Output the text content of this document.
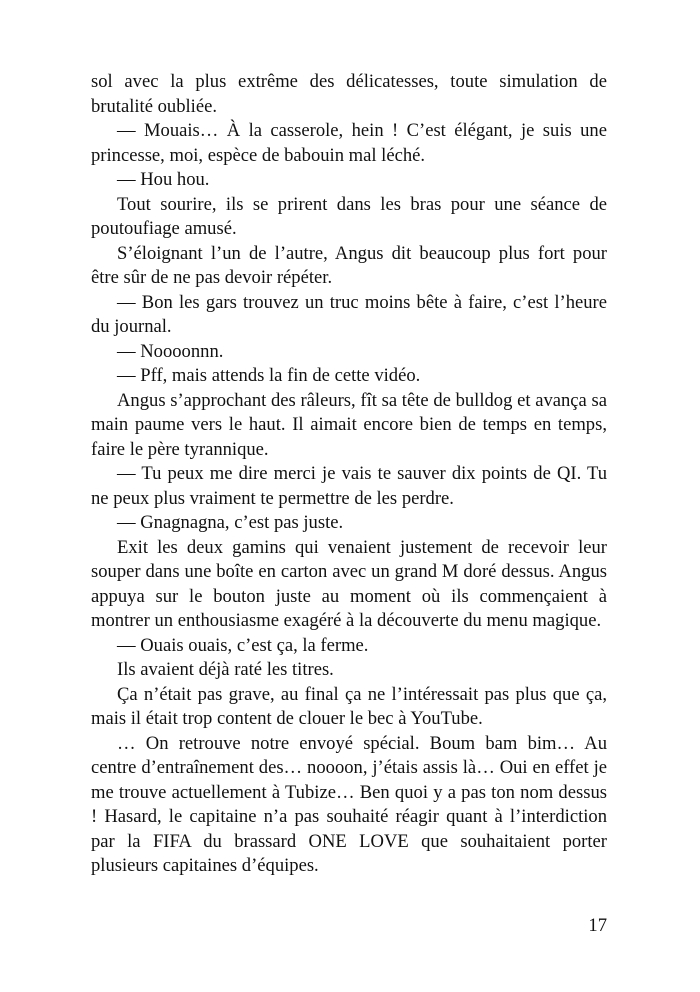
sol avec la plus extrême des délicatesses, toute simulation de brutalité oubliée.

— Mouais… À la casserole, hein ! C’est élégant, je suis une princesse, moi, espèce de babouin mal léché.

— Hou hou.

Tout sourire, ils se prirent dans les bras pour une séance de poutoufiage amusé.

S’éloignant l’un de l’autre, Angus dit beaucoup plus fort pour être sûr de ne pas devoir répéter.

— Bon les gars trouvez un truc moins bête à faire, c’est l’heure du journal.

— Noooonnn.

— Pff, mais attends la fin de cette vidéo.

Angus s’approchant des râleurs, fît sa tête de bulldog et avança sa main paume vers le haut. Il aimait encore bien de temps en temps, faire le père tyrannique.

— Tu peux me dire merci je vais te sauver dix points de QI. Tu ne peux plus vraiment te permettre de les perdre.

— Gnagnagna, c’est pas juste.

Exit les deux gamins qui venaient justement de recevoir leur souper dans une boîte en carton avec un grand M doré dessus. Angus appuya sur le bouton juste au moment où ils commençaient à montrer un enthousiasme exagéré à la découverte du menu magique.

— Ouais ouais, c’est ça, la ferme.

Ils avaient déjà raté les titres.

Ça n’était pas grave, au final ça ne l’intéressait pas plus que ça, mais il était trop content de clouer le bec à YouTube.

… On retrouve notre envoyé spécial. Boum bam bim… Au centre d’entraînement des… noooon, j’étais assis là… Oui en effet je me trouve actuellement à Tubize… Ben quoi y a pas ton nom dessus ! Hasard, le capitaine n’a pas souhaité réagir quant à l’interdiction par la FIFA du brassard ONE LOVE que souhaitaient porter plusieurs capitaines d’équipes.

17
